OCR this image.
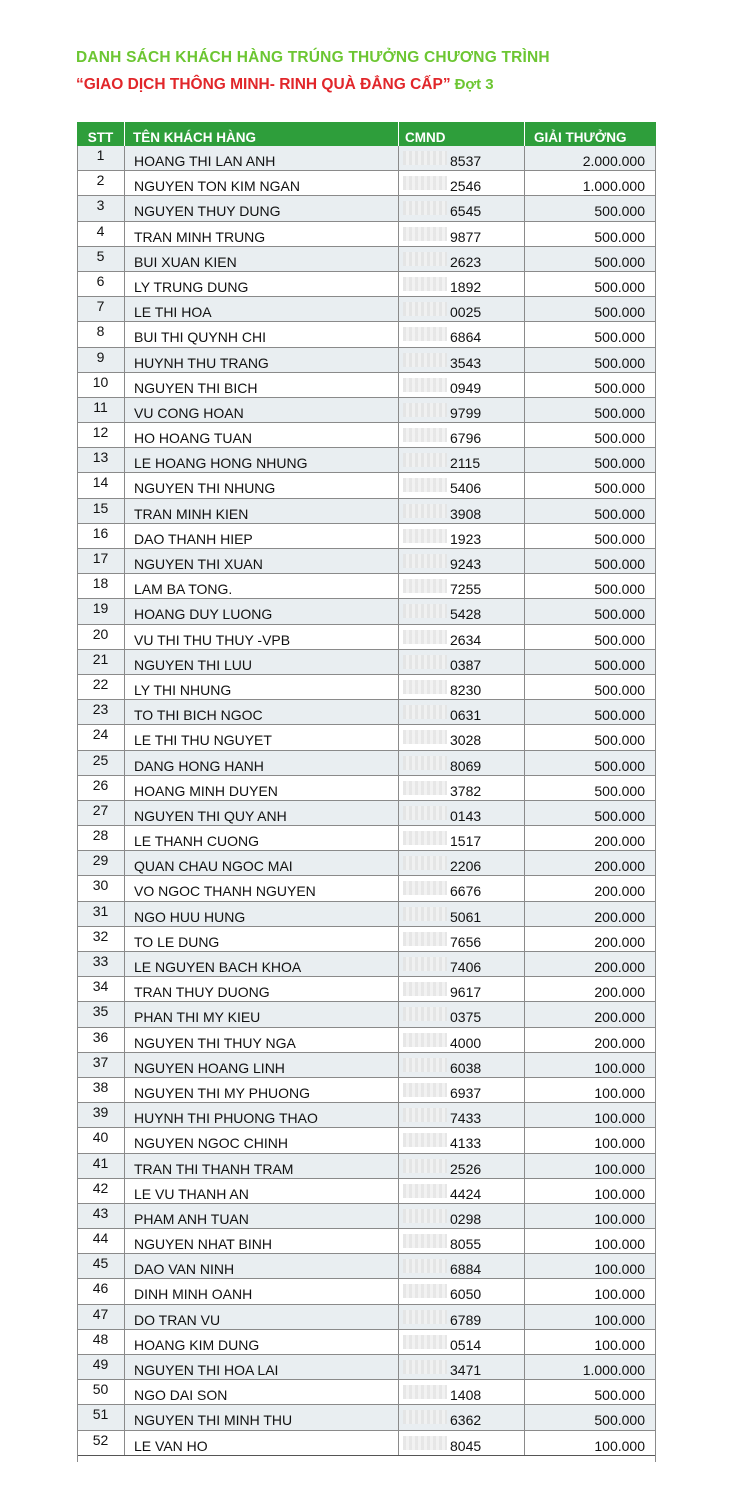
DANH SÁCH KHÁCH HÀNG TRÚNG THƯỞNG CHƯƠNG TRÌNH
“GIAO DỊCH THÔNG MINH- RINH QUÀ ĐẲNG CẤP” Đợt 3
STT	TÊN KHÁCH HÀNG	CMND	GIẢI THƯỞNG
1	HOANG THI LAN ANH	8537	2.000.000
2	NGUYEN TON KIM NGAN	2546	1.000.000
3	NGUYEN THUY DUNG	6545	500.000
4	TRAN MINH TRUNG	9877	500.000
5	BUI XUAN KIEN	2623	500.000
6	LY TRUNG DUNG	1892	500.000
7	LE THI HOA	0025	500.000
8	BUI THI QUYNH CHI	6864	500.000
9	HUYNH THU TRANG	3543	500.000
10	NGUYEN THI BICH	0949	500.000
11	VU CONG HOAN	9799	500.000
12	HO HOANG TUAN	6796	500.000
13	LE HOANG HONG NHUNG	2115	500.000
14	NGUYEN THI NHUNG	5406	500.000
15	TRAN MINH KIEN	3908	500.000
16	DAO THANH HIEP	1923	500.000
17	NGUYEN THI XUAN	9243	500.000
18	LAM BA TONG.	7255	500.000
19	HOANG DUY LUONG	5428	500.000
20	VU THI THU THUY -VPB	2634	500.000
21	NGUYEN THI LUU	0387	500.000
22	LY THI NHUNG	8230	500.000
23	TO THI BICH NGOC	0631	500.000
24	LE THI THU NGUYET	3028	500.000
25	DANG HONG HANH	8069	500.000
26	HOANG MINH DUYEN	3782	500.000
27	NGUYEN THI QUY ANH	0143	500.000
28	LE THANH CUONG	1517	200.000
29	QUAN CHAU NGOC MAI	2206	200.000
30	VO NGOC THANH NGUYEN	6676	200.000
31	NGO HUU HUNG	5061	200.000
32	TO LE DUNG	7656	200.000
33	LE NGUYEN BACH KHOA	7406	200.000
34	TRAN THUY DUONG	9617	200.000
35	PHAN THI MY KIEU	0375	200.000
36	NGUYEN THI THUY NGA	4000	200.000
37	NGUYEN HOANG LINH	6038	100.000
38	NGUYEN THI MY PHUONG	6937	100.000
39	HUYNH THI PHUONG THAO	7433	100.000
40	NGUYEN NGOC CHINH	4133	100.000
41	TRAN THI THANH TRAM	2526	100.000
42	LE VU THANH AN	4424	100.000
43	PHAM ANH TUAN	0298	100.000
44	NGUYEN NHAT BINH	8055	100.000
45	DAO VAN NINH	6884	100.000
46	DINH MINH OANH	6050	100.000
47	DO TRAN VU	6789	100.000
48	HOANG KIM DUNG	0514	100.000
49	NGUYEN THI HOA LAI	3471	1.000.000
50	NGO DAI SON	1408	500.000
51	NGUYEN THI MINH THU	6362	500.000
52	LE VAN HO	8045	100.000
